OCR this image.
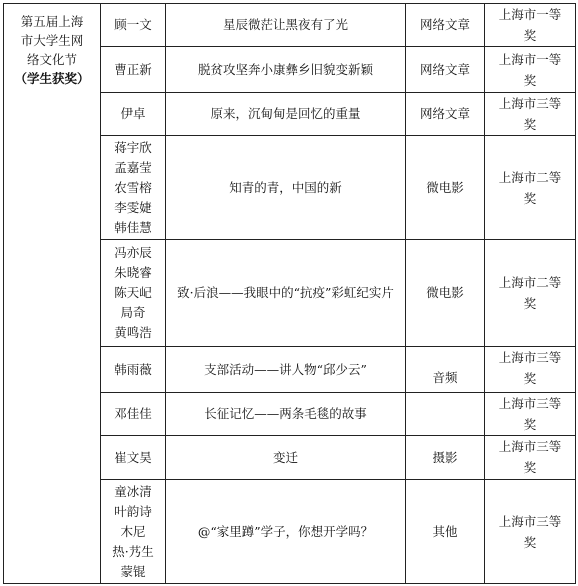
第五届上海
市大学生网
络文化节
（学生获奖）	顾一文	星辰微茫让黑夜有了光	网络文章	上海市一等奖

	曹正新	脱贫攻坚奔小康彝乡旧貌变新颖	网络文章	上海市一等奖

	伊卓	原来，沉甸甸是回忆的重量	网络文章	上海市三等奖

	蒋宇欣
孟嘉莹
农雪榕
李雯婕
韩佳慧	知青的青，中国的新	微电影	上海市二等奖

	冯亦辰
朱晓睿
陈天屺
局奇
黄鸣浩	致·后浪——我眼中的“抗疫”彩虹纪实片	微电影	上海市二等奖

	韩雨薇	支部活动——讲人物“邱少云”	音频	上海市三等奖

	邓佳佳	长征记忆——两条毛毯的故事		上海市三等奖

	崔文昊	变迁	摄影	上海市三等奖

	童冰清
叶韵诗
木尼
热·艿生
蒙锟	@“家里蹲”学子，你想开学吗？	其他	上海市三等奖
